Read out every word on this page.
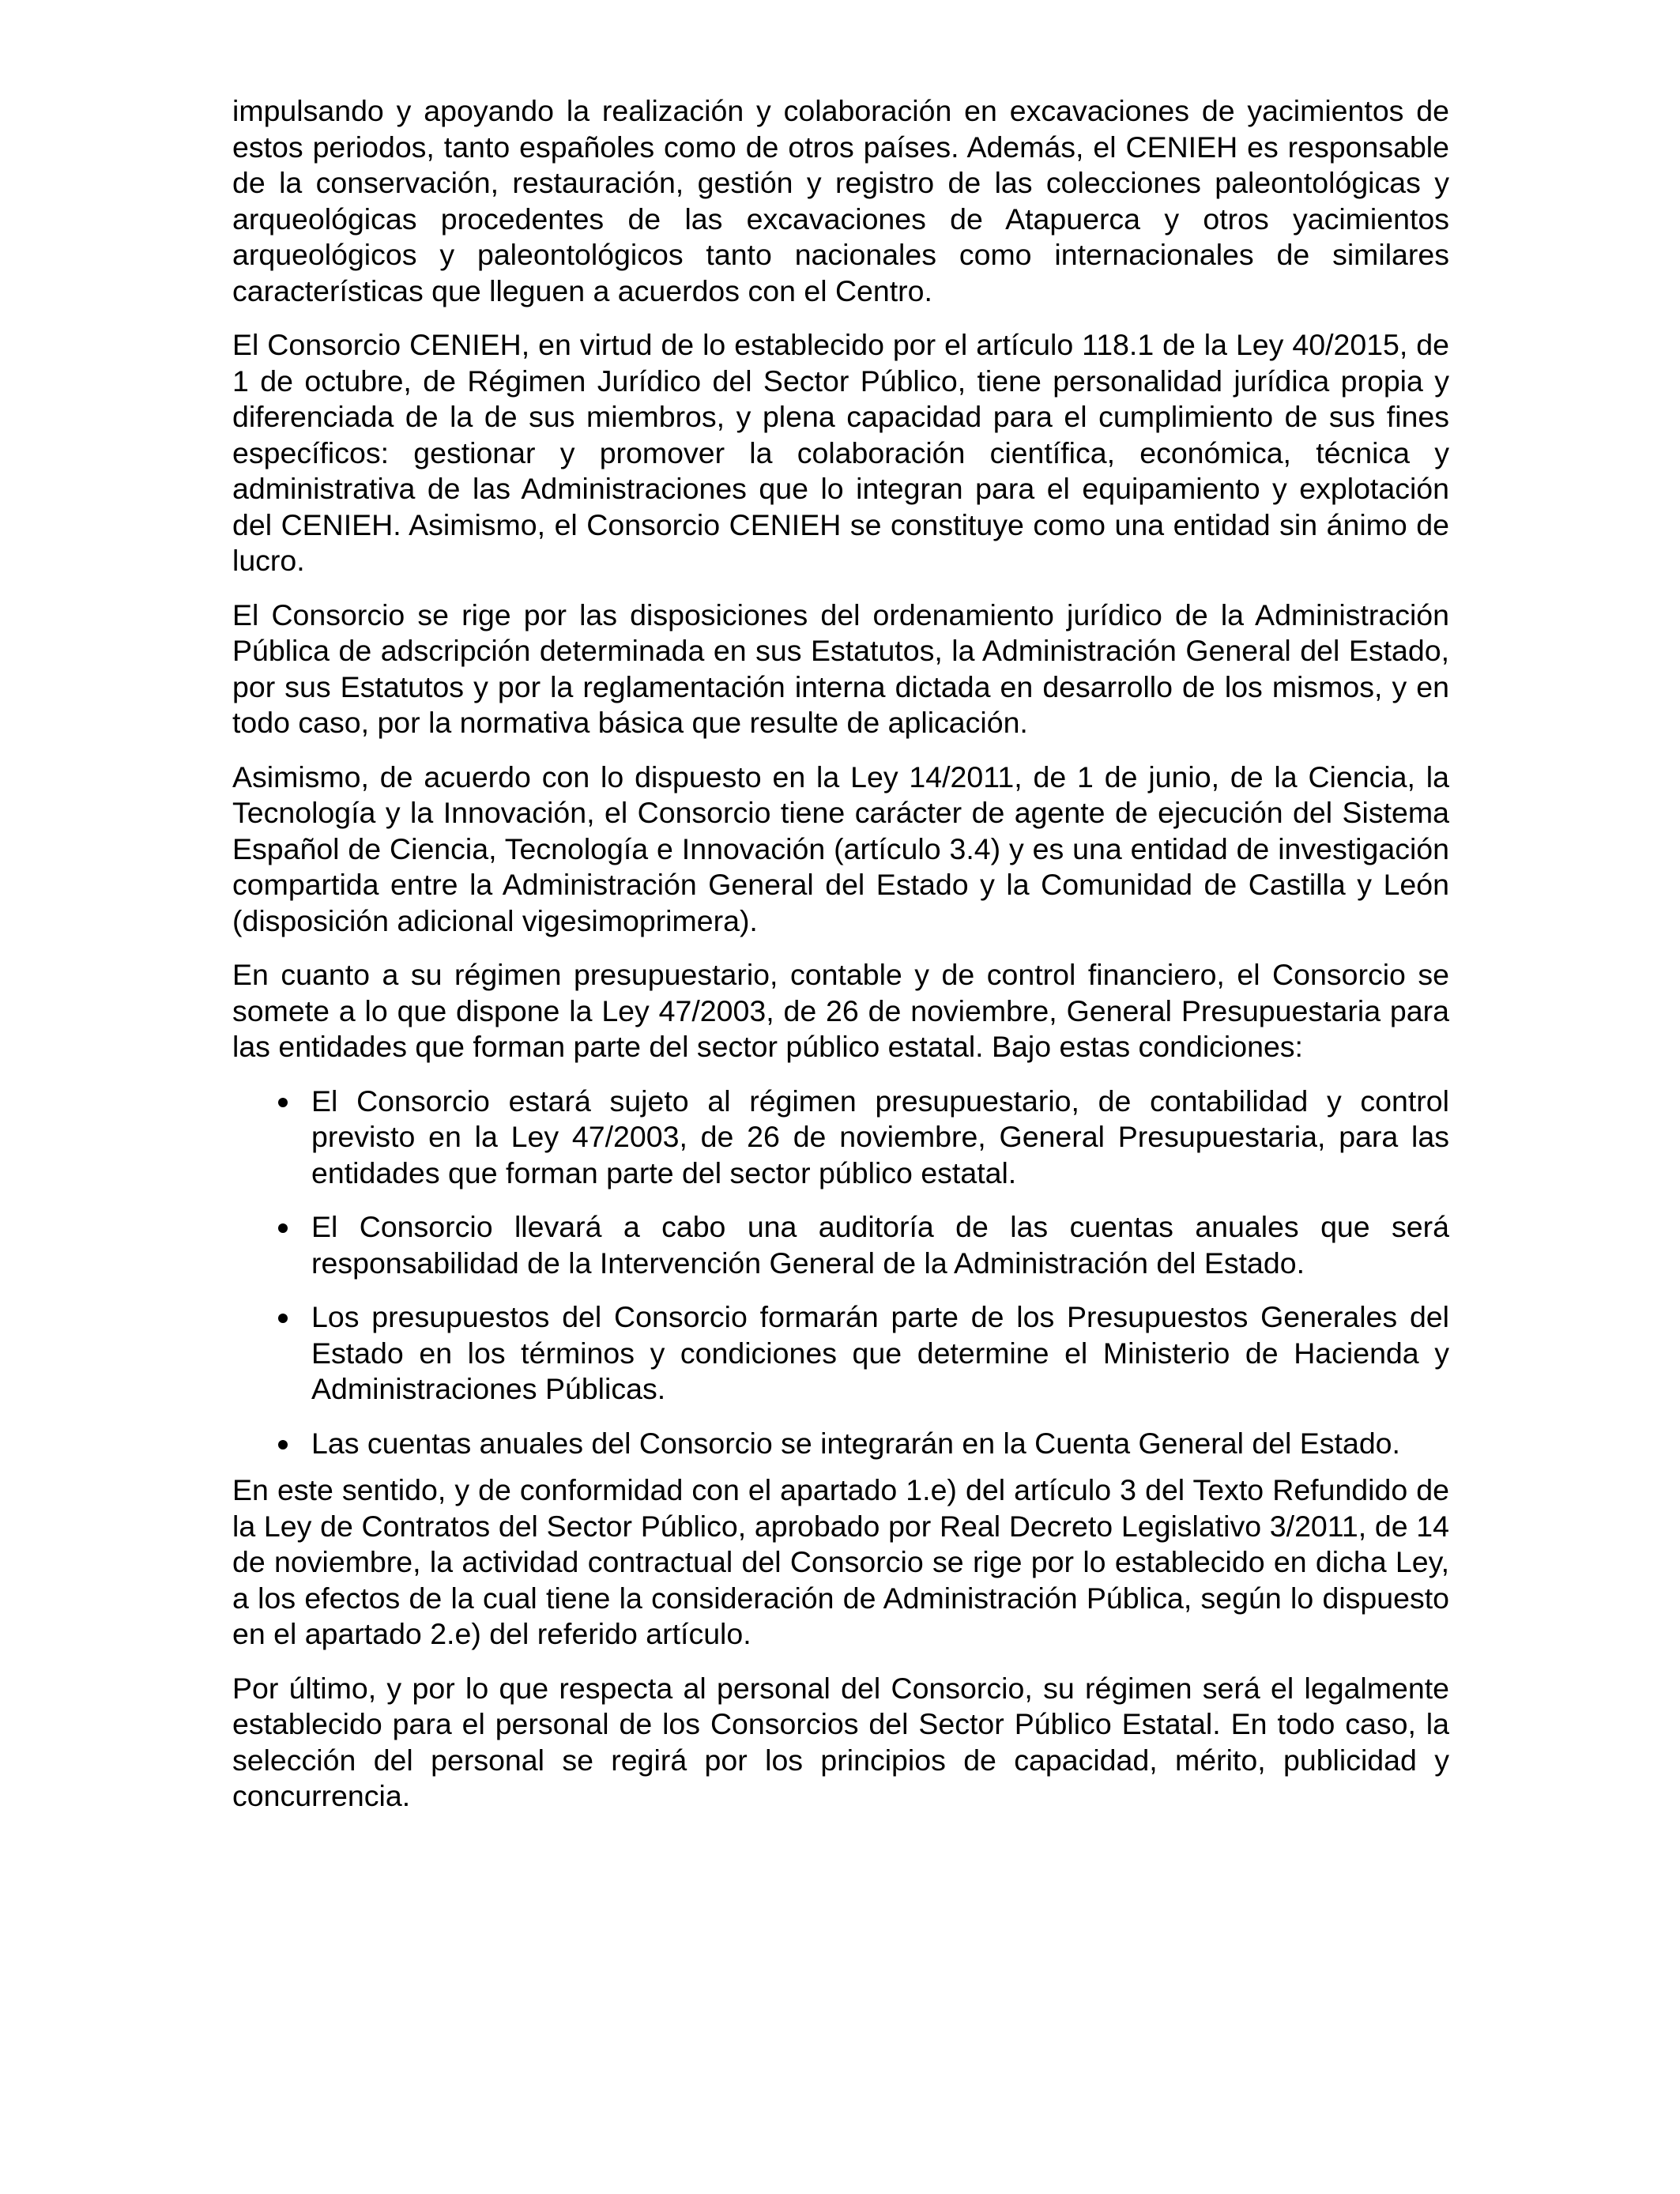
impulsando y apoyando la realización y colaboración en excavaciones de yacimientos de estos periodos, tanto españoles como de otros países. Además, el CENIEH es responsable de la conservación, restauración, gestión y registro de las colecciones paleontológicas y arqueológicas procedentes de las excavaciones de Atapuerca y otros yacimientos arqueológicos y paleontológicos tanto nacionales como internacionales de similares características que lleguen a acuerdos con el Centro.

El Consorcio CENIEH, en virtud de lo establecido por el artículo 118.1 de la Ley 40/2015, de 1 de octubre, de Régimen Jurídico del Sector Público, tiene personalidad jurídica propia y diferenciada de la de sus miembros, y plena capacidad para el cumplimiento de sus fines específicos: gestionar y promover la colaboración científica, económica, técnica y administrativa de las Administraciones que lo integran para el equipamiento y explotación del CENIEH. Asimismo, el Consorcio CENIEH se constituye como una entidad sin ánimo de lucro.

El Consorcio se rige por las disposiciones del ordenamiento jurídico de la Administración Pública de adscripción determinada en sus Estatutos, la Administración General del Estado, por sus Estatutos y por la reglamentación interna dictada en desarrollo de los mismos, y en todo caso, por la normativa básica que resulte de aplicación.

Asimismo, de acuerdo con lo dispuesto en la Ley 14/2011, de 1 de junio, de la Ciencia, la Tecnología y la Innovación, el Consorcio tiene carácter de agente de ejecución del Sistema Español de Ciencia, Tecnología e Innovación (artículo 3.4) y es una entidad de investigación compartida entre la Administración General del Estado y la Comunidad de Castilla y León (disposición adicional vigesimoprimera).

En cuanto a su régimen presupuestario, contable y de control financiero, el Consorcio se somete a lo que dispone la Ley 47/2003, de 26 de noviembre, General Presupuestaria para las entidades que forman parte del sector público estatal. Bajo estas condiciones:

El Consorcio estará sujeto al régimen presupuestario, de contabilidad y control previsto en la Ley 47/2003, de 26 de noviembre, General Presupuestaria, para las entidades que forman parte del sector público estatal.
El Consorcio llevará a cabo una auditoría de las cuentas anuales que será responsabilidad de la Intervención General de la Administración del Estado.
Los presupuestos del Consorcio formarán parte de los Presupuestos Generales del Estado en los términos y condiciones que determine el Ministerio de Hacienda y Administraciones Públicas.
Las cuentas anuales del Consorcio se integrarán en la Cuenta General del Estado.

En este sentido, y de conformidad con el apartado 1.e) del artículo 3 del Texto Refundido de la Ley de Contratos del Sector Público, aprobado por Real Decreto Legislativo 3/2011, de 14 de noviembre, la actividad contractual del Consorcio se rige por lo establecido en dicha Ley, a los efectos de la cual tiene la consideración de Administración Pública, según lo dispuesto en el apartado 2.e) del referido artículo.

Por último, y por lo que respecta al personal del Consorcio, su régimen será el legalmente establecido para el personal de los Consorcios del Sector Público Estatal. En todo caso, la selección del personal se regirá por los principios de capacidad, mérito, publicidad y concurrencia.
